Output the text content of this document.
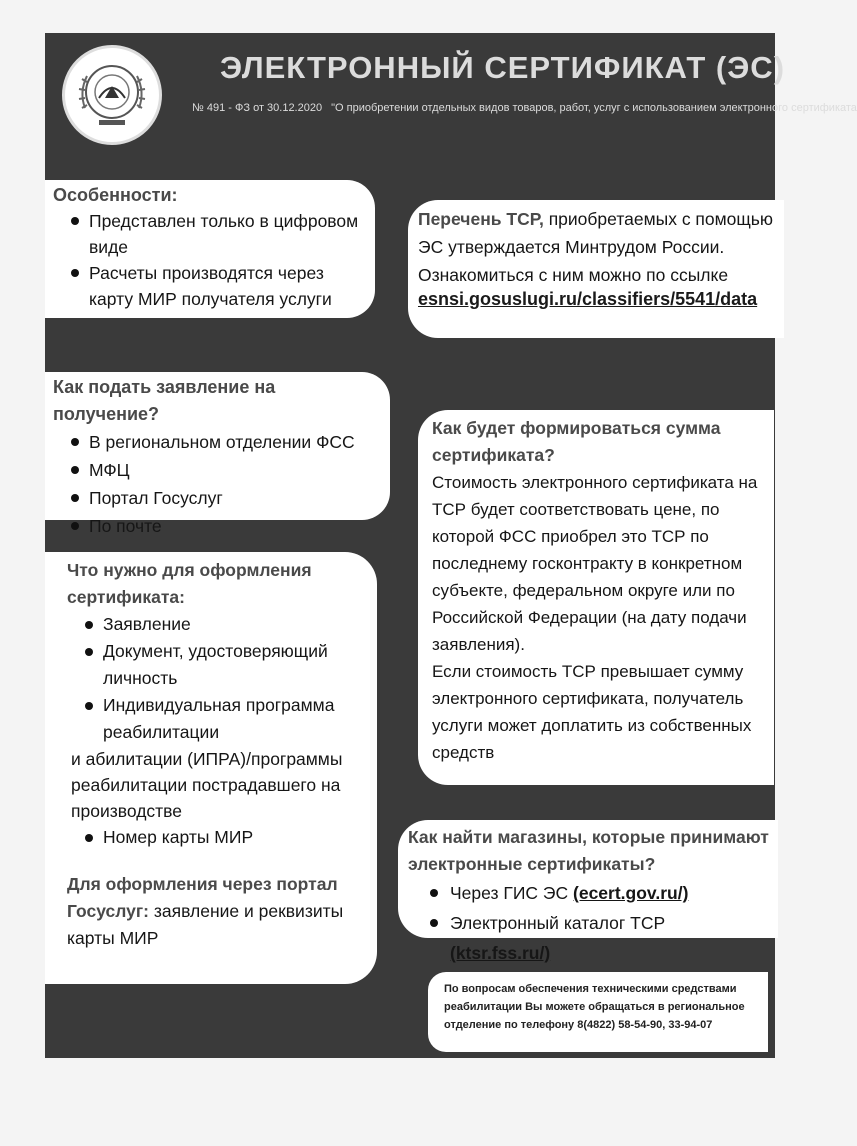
ЭЛЕКТРОННЫЙ СЕРТИФИКАТ (ЭС)
№ 491 - ФЗ от 30.12.2020 "О приобретении отдельных видов товаров, работ, услуг с использованием электронного сертификата
Особенности:
Представлен только в цифровом виде
Расчеты производятся через карту МИР получателя услуги
Перечень ТСР, приобретаемых с помощью ЭС утверждается Минтрудом России. Ознакомиться с ним можно по ссылке
esnsi.gosuslugi.ru/classifiers/5541/data
Как подать заявление на получение?
В региональном отделении ФСС
МФЦ
Портал Госуслуг
По почте
Как будет формироваться сумма сертификата?
Стоимость электронного сертификата на ТСР будет соответствовать цене, по которой ФСС приобрел это ТСР по последнему госконтракту в конкретном субъекте, федеральном округе или по Российской Федерации (на дату подачи заявления).
Если стоимость ТСР превышает сумму электронного сертификата, получатель услуги может доплатить из собственных средств
Что нужно для оформления сертификата:
Заявление
Документ, удостоверяющий личность
Индивидуальная программа реабилитации
и абилитации (ИПРА)/программы реабилитации пострадавшего на производстве
Номер карты МИР
Для оформления через портал Госуслуг: заявление и реквизиты карты МИР
Как найти магазины, которые принимают электронные сертификаты?
Через ГИС ЭС (ecert.gov.ru/)
Электронный каталог ТСР (ktsr.fss.ru/)
По вопросам обеспечения техническими средствами реабилитации Вы можете обращаться в региональное отделение по телефону 8(4822) 58-54-90, 33-94-07
